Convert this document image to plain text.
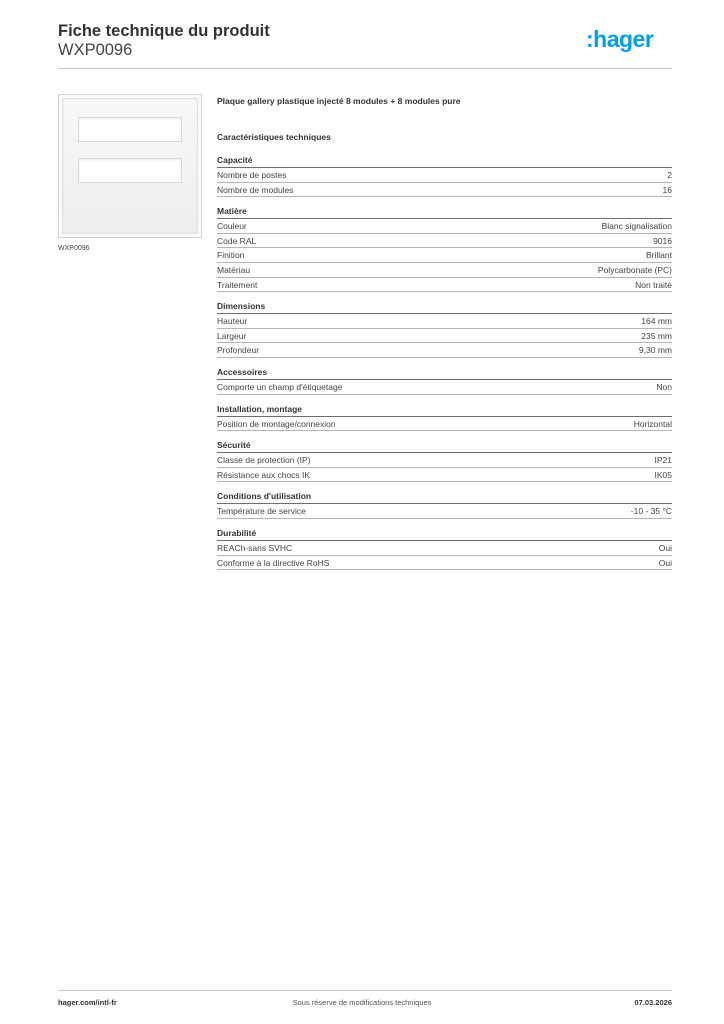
Fiche technique du produit
WXP0096	:hager
WXP0096
Plaque gallery plastique injecté 8 modules + 8 modules pure
Caractéristiques techniques
Capacité
Nombre de postes	2
Nombre de modules	16
Matière
Couleur	Blanc signalisation
Code RAL	9016
Finition	Brillant
Matériau	Polycarbonate (PC)
Traitement	Non traité
Dimensions
Hauteur	164 mm
Largeur	235 mm
Profondeur	9,30 mm
Accessoires
Comporte un champ d'étiquetage	Non
Installation, montage
Position de montage/connexion	Horizontal
Sécurité
Classe de protection (IP)	IP21
Résistance aux chocs IK	IK05
Conditions d'utilisation
Température de service	-10 - 35 °C
Durabilité
REACh-sans SVHC	Oui
Conforme à la directive RoHS	Oui
hager.com/intl-fr	Sous réserve de modifications techniques	07.03.2026
